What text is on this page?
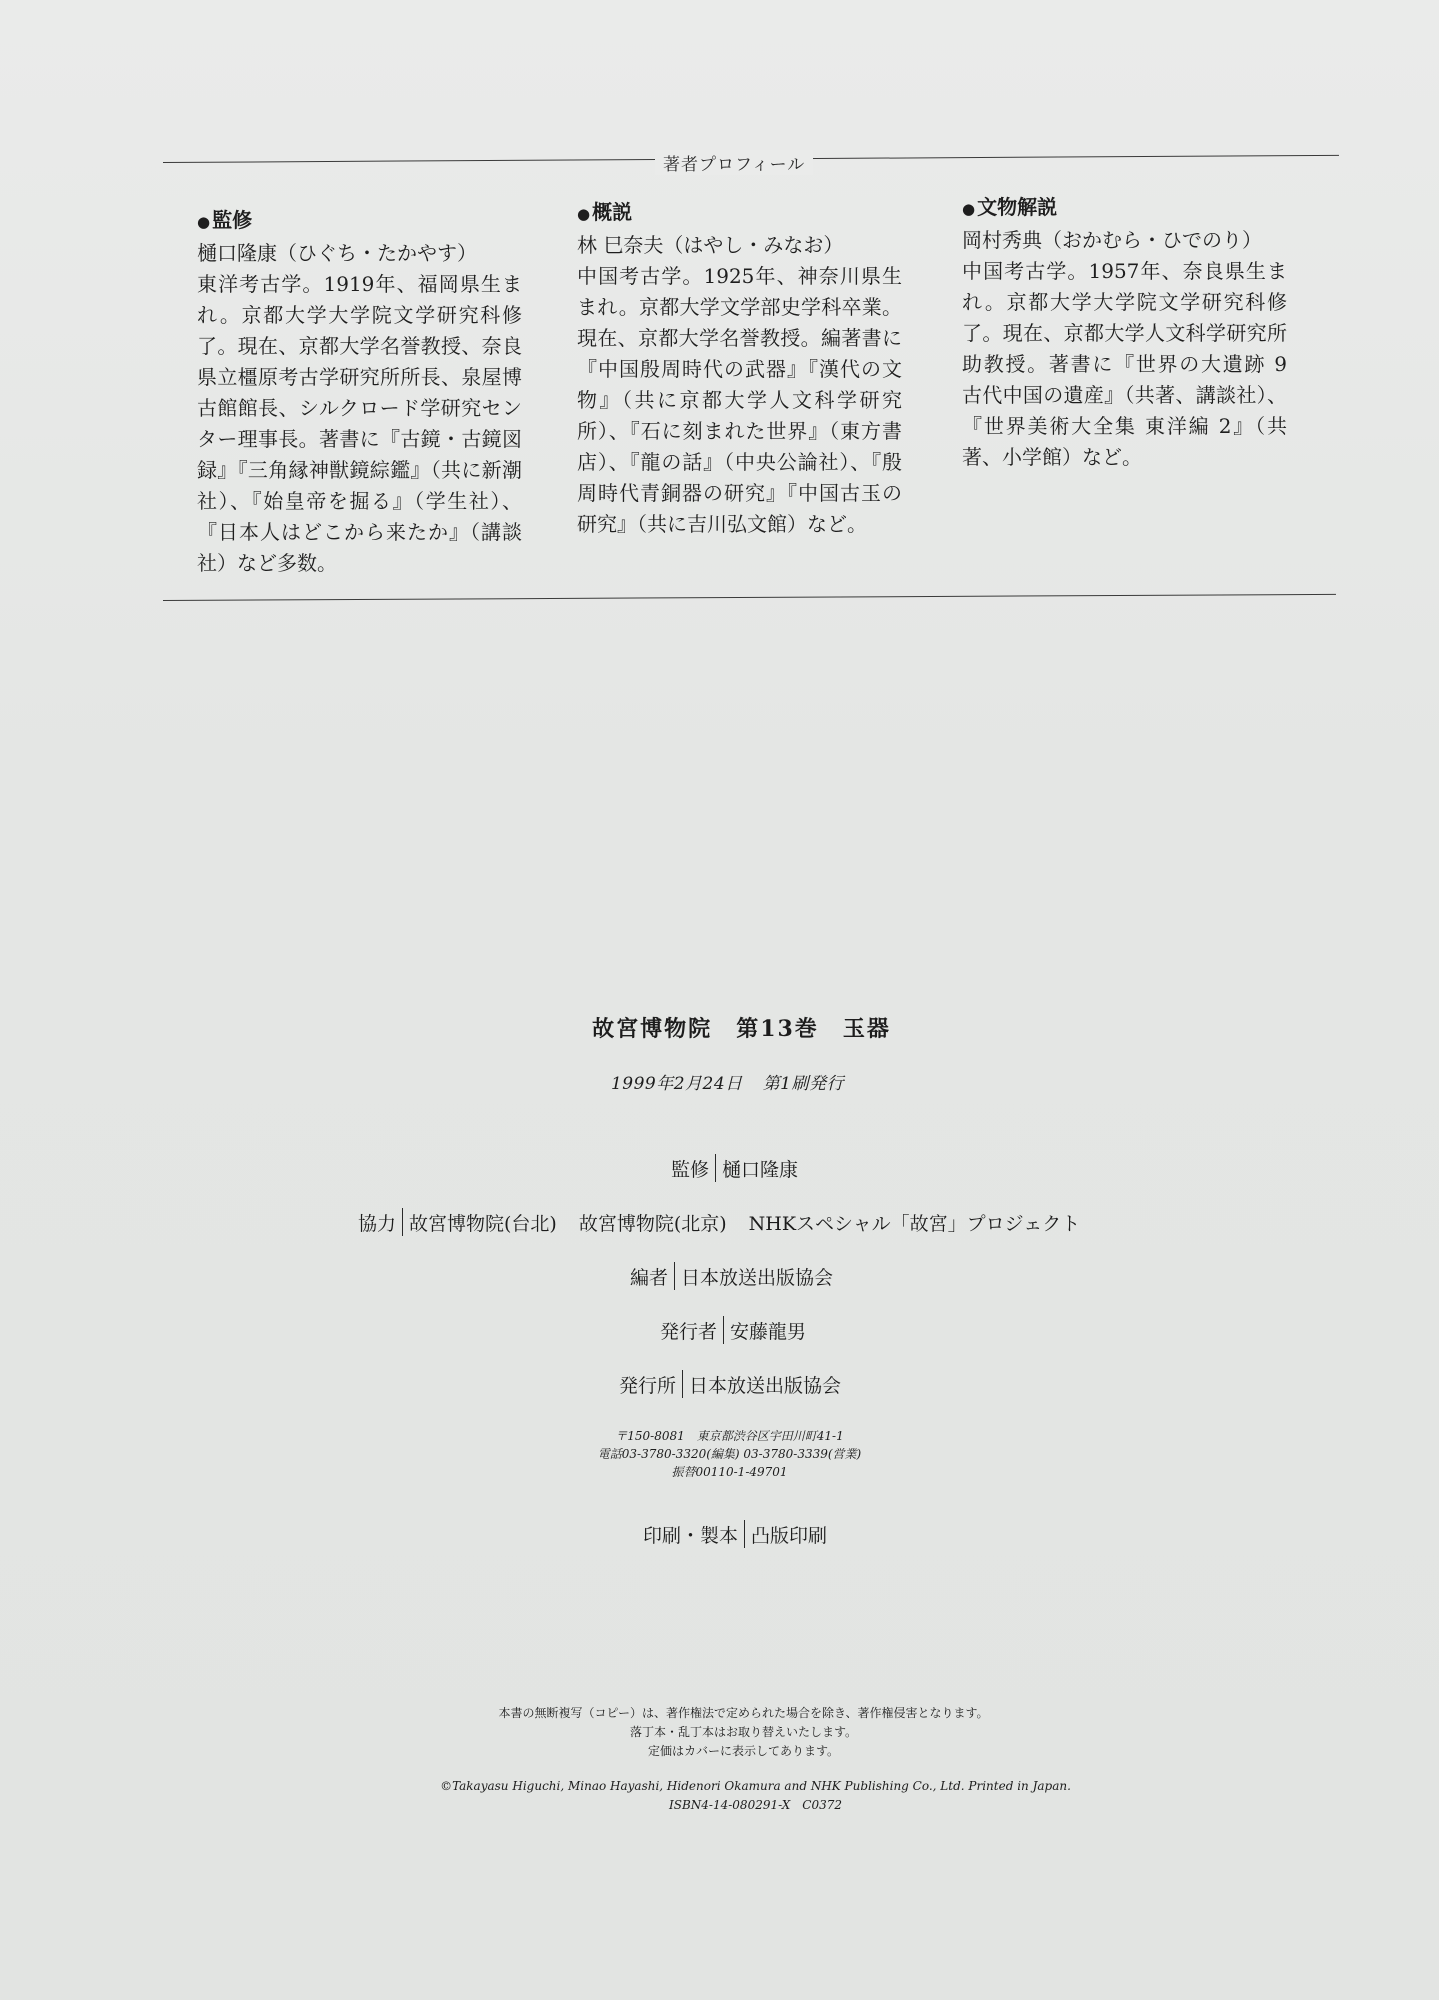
著者プロフィール
● 監修
樋口隆康（ひぐち・たかやす）
東洋考古学。1919年、福岡県生まれ。京都大学大学院文学研究科修了。現在、京都大学名誉教授、奈良県立橿原考古学研究所所長、泉屋博古館館長、シルクロード学研究センター理事長。著書に『古鏡・古鏡図録』『三角縁神獣鏡綜鑑』（共に新潮社）、『始皇帝を掘る』（学生社）、『日本人はどこから来たか』（講談社）など多数。
● 概説
林 巳奈夫（はやし・みなお）
中国考古学。1925年、神奈川県生まれ。京都大学文学部史学科卒業。現在、京都大学名誉教授。編著書に『中国殷周時代の武器』『漢代の文物』（共に京都大学人文科学研究所）、『石に刻まれた世界』（東方書店）、『龍の話』（中央公論社）、『殷周時代青銅器の研究』『中国古玉の研究』（共に吉川弘文館）など。
● 文物解説
岡村秀典（おかむら・ひでのり）
中国考古学。1957年、奈良県生まれ。京都大学大学院文学研究科修了。現在、京都大学人文科学研究所助教授。著書に『世界の大遺跡 9 古代中国の遺産』（共著、講談社）、『世界美術大全集 東洋編 2』（共著、小学館）など。
故宮博物院 第13巻 玉器
1999年2月24日 第1刷発行
監修 樋口隆康
協力 故宮博物院(台北) 故宮博物院(北京) NHKスペシャル「故宮」プロジェクト
編者 日本放送出版協会
発行者 安藤龍男
発行所 日本放送出版協会
〒150-8081　東京都渋谷区宇田川町41-1
電話03-3780-3320(編集) 03-3780-3339(営業)
振替00110-1-49701
印刷・製本 凸版印刷
本書の無断複写（コピー）は、著作権法で定められた場合を除き、著作権侵害となります。
落丁本・乱丁本はお取り替えいたします。
定価はカバーに表示してあります。
©Takayasu Higuchi, Minao Hayashi, Hidenori Okamura and NHK Publishing Co., Ltd. Printed in Japan.
ISBN4-14-080291-X　C0372
